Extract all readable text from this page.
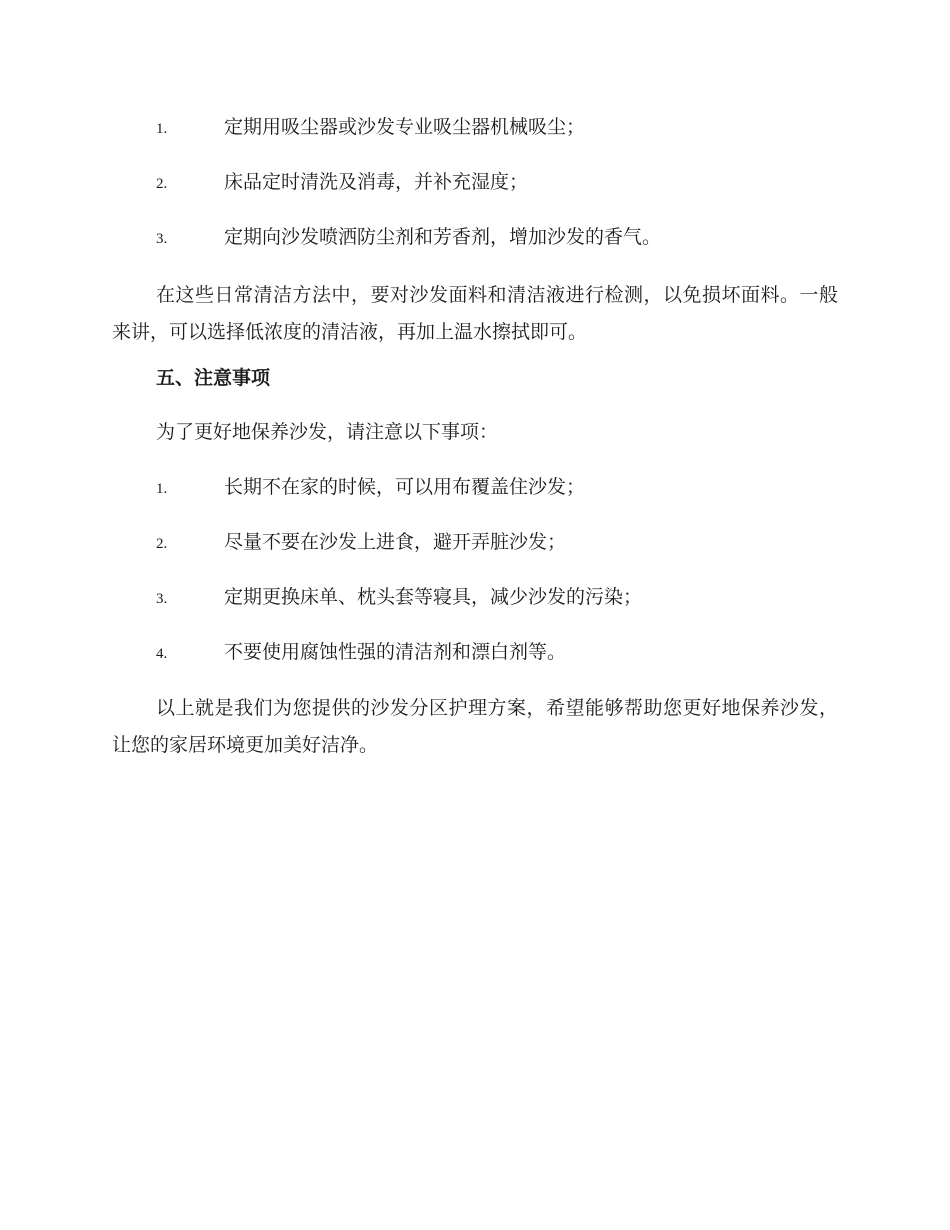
1.	定期用吸尘器或沙发专业吸尘器机械吸尘；
2.	床品定时清洗及消毒，并补充湿度；
3.	定期向沙发喷洒防尘剂和芳香剂，增加沙发的香气。

在这些日常清洁方法中，要对沙发面料和清洁液进行检测，以免损坏面料。一般来讲，可以选择低浓度的清洁液，再加上温水擦拭即可。

五、注意事项

为了更好地保养沙发，请注意以下事项：

1.	长期不在家的时候，可以用布覆盖住沙发；
2.	尽量不要在沙发上进食，避开弄脏沙发；
3.	定期更换床单、枕头套等寝具，减少沙发的污染；
4.	不要使用腐蚀性强的清洁剂和漂白剂等。

以上就是我们为您提供的沙发分区护理方案，希望能够帮助您更好地保养沙发，让您的家居环境更加美好洁净。
